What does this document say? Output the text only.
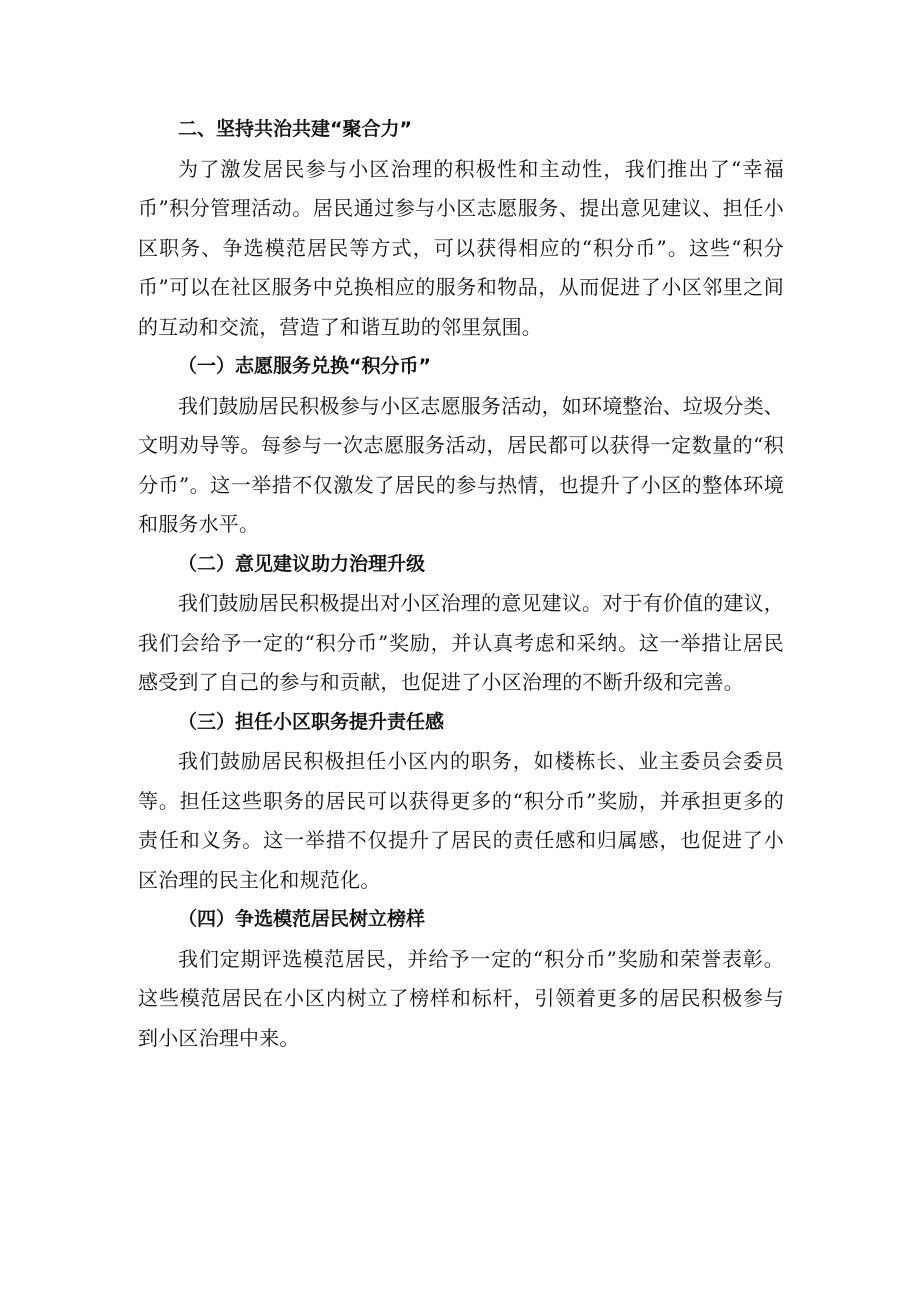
二、坚持共治共建“聚合力”

为了激发居民参与小区治理的积极性和主动性，我们推出了“幸福币”积分管理活动。居民通过参与小区志愿服务、提出意见建议、担任小区职务、争选模范居民等方式，可以获得相应的“积分币”。这些“积分币”可以在社区服务中兑换相应的服务和物品，从而促进了小区邻里之间的互动和交流，营造了和谐互助的邻里氛围。

（一）志愿服务兑换“积分币”

我们鼓励居民积极参与小区志愿服务活动，如环境整治、垃圾分类、文明劝导等。每参与一次志愿服务活动，居民都可以获得一定数量的“积分币”。这一举措不仅激发了居民的参与热情，也提升了小区的整体环境和服务水平。

（二）意见建议助力治理升级

我们鼓励居民积极提出对小区治理的意见建议。对于有价值的建议，我们会给予一定的“积分币”奖励，并认真考虑和采纳。这一举措让居民感受到了自己的参与和贡献，也促进了小区治理的不断升级和完善。

（三）担任小区职务提升责任感

我们鼓励居民积极担任小区内的职务，如楼栋长、业主委员会委员等。担任这些职务的居民可以获得更多的“积分币”奖励，并承担更多的责任和义务。这一举措不仅提升了居民的责任感和归属感，也促进了小区治理的民主化和规范化。

（四）争选模范居民树立榜样

我们定期评选模范居民，并给予一定的“积分币”奖励和荣誉表彰。这些模范居民在小区内树立了榜样和标杆，引领着更多的居民积极参与到小区治理中来。
